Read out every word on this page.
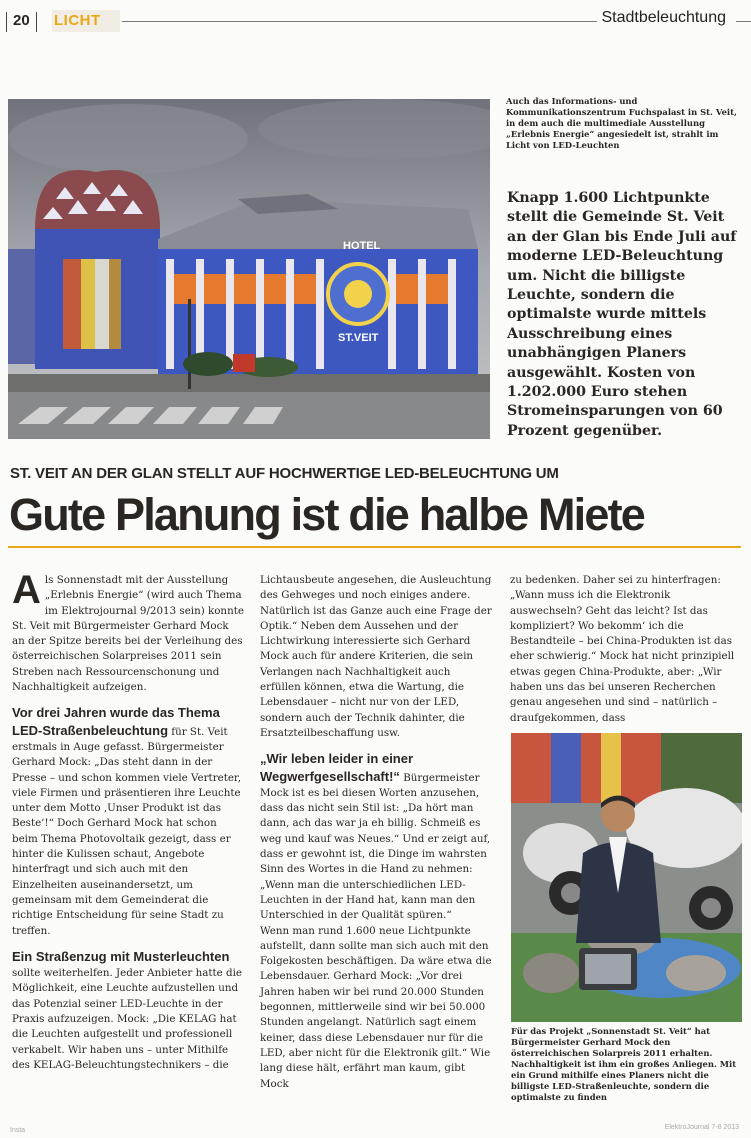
20 LICHT	Stadtbeleuchtung
HOTEL
ST.VEIT
Auch das Informations- und Kommunikationszentrum Fuchspalast in St. Veit, in dem auch die multimediale Ausstellung „Erlebnis Energie“ angesiedelt ist, strahlt im Licht von LED-Leuchten
Knapp 1.600 Lichtpunkte stellt die Gemeinde St. Veit an der Glan bis Ende Juli auf moderne LED-Beleuchtung um. Nicht die billigste Leuchte, sondern die optimalste wurde mittels Ausschreibung eines unabhängigen Planers ausgewählt. Kosten von 1.202.000 Euro stehen Stromeinsparungen von 60 Prozent gegenüber.
ST. VEIT AN DER GLAN STELLT AUF HOCHWERTIGE LED-BELEUCHTUNG UM
Gute Planung ist die halbe Miete

Als Sonnenstadt mit der Ausstellung „Erlebnis Energie“ (wird auch Thema im Elektrojournal 9/2013 sein) konnte St. Veit mit Bürgermeister Gerhard Mock an der Spitze bereits bei der Verleihung des österreichischen Solarpreises 2011 sein Streben nach Ressourcenschonung und Nachhaltigkeit aufzeigen.

Vor drei Jahren wurde das Thema LED-Straßenbeleuchtung für St. Veit erstmals in Auge gefasst. Bürgermeister Gerhard Mock: „Das steht dann in der Presse – und schon kommen viele Vertreter, viele Firmen und präsentieren ihre Leuchte unter dem Motto ‚Unser Produkt ist das Beste‘!“ Doch Gerhard Mock hat schon beim Thema Photovoltaik gezeigt, dass er hinter die Kulissen schaut, Angebote hinterfragt und sich auch mit den Einzelheiten auseinandersetzt, um gemeinsam mit dem Gemeinderat die richtige Entscheidung für seine Stadt zu treffen.

Ein Straßenzug mit Musterleuchten sollte weiterhelfen. Jeder Anbieter hatte die Möglichkeit, eine Leuchte aufzustellen und das Potenzial seiner LED-Leuchte in der Praxis aufzuzeigen. Mock: „Die KELAG hat die Leuchten aufgestellt und professionell verkabelt. Wir haben uns – unter Mithilfe des KELAG-Beleuchtungstechnikers – die

Lichtausbeute angesehen, die Ausleuchtung des Gehweges und noch einiges andere. Natürlich ist das Ganze auch eine Frage der Optik.“ Neben dem Aussehen und der Lichtwirkung interessierte sich Gerhard Mock auch für andere Kriterien, die sein Verlangen nach Nachhaltigkeit auch erfüllen können, etwa die Wartung, die Lebensdauer – nicht nur von der LED, sondern auch der Technik dahinter, die Ersatzteilbeschaffung usw.

„Wir leben leider in einer Wegwerfgesellschaft!“ Bürgermeister Mock ist es bei diesen Worten anzusehen, dass das nicht sein Stil ist: „Da hört man dann, ach das war ja eh billig. Schmeiß es weg und kauf was Neues.“ Und er zeigt auf, dass er gewohnt ist, die Dinge im wahrsten Sinn des Wortes in die Hand zu nehmen: „Wenn man die unterschiedlichen LED-Leuchten in der Hand hat, kann man den Unterschied in der Qualität spüren.“

Wenn man rund 1.600 neue Lichtpunkte aufstellt, dann sollte man sich auch mit den Folgekosten beschäftigen. Da wäre etwa die Lebensdauer. Gerhard Mock: „Vor drei Jahren haben wir bei rund 20.000 Stunden begonnen, mittlerweile sind wir bei 50.000 Stunden angelangt. Natürlich sagt einem keiner, dass diese Lebensdauer nur für die LED, aber nicht für die Elektronik gilt.“ Wie lang diese hält, erfährt man kaum, gibt Mock

zu bedenken. Daher sei zu hinterfragen: „Wann muss ich die Elektronik auswechseln? Geht das leicht? Ist das kompliziert? Wo bekomm‘ ich die Bestandteile – bei China-Produkten ist das eher schwierig.“ Mock hat nicht prinzipiell etwas gegen China-Produkte, aber: „Wir haben uns das bei unseren Recherchen genau angesehen und sind – natürlich – draufgekommen, dass

Für das Projekt „Sonnenstadt St. Veit“ hat Bürgermeister Gerhard Mock den österreichischen Solarpreis 2011 erhalten. Nachhaltigkeit ist ihm ein großes Anliegen. Mit ein Grund mithilfe eines Planers nicht die billigste LED-Straßenleuchte, sondern die optimalste zu finden
Insta	ElektroJournal 7-8 2013
